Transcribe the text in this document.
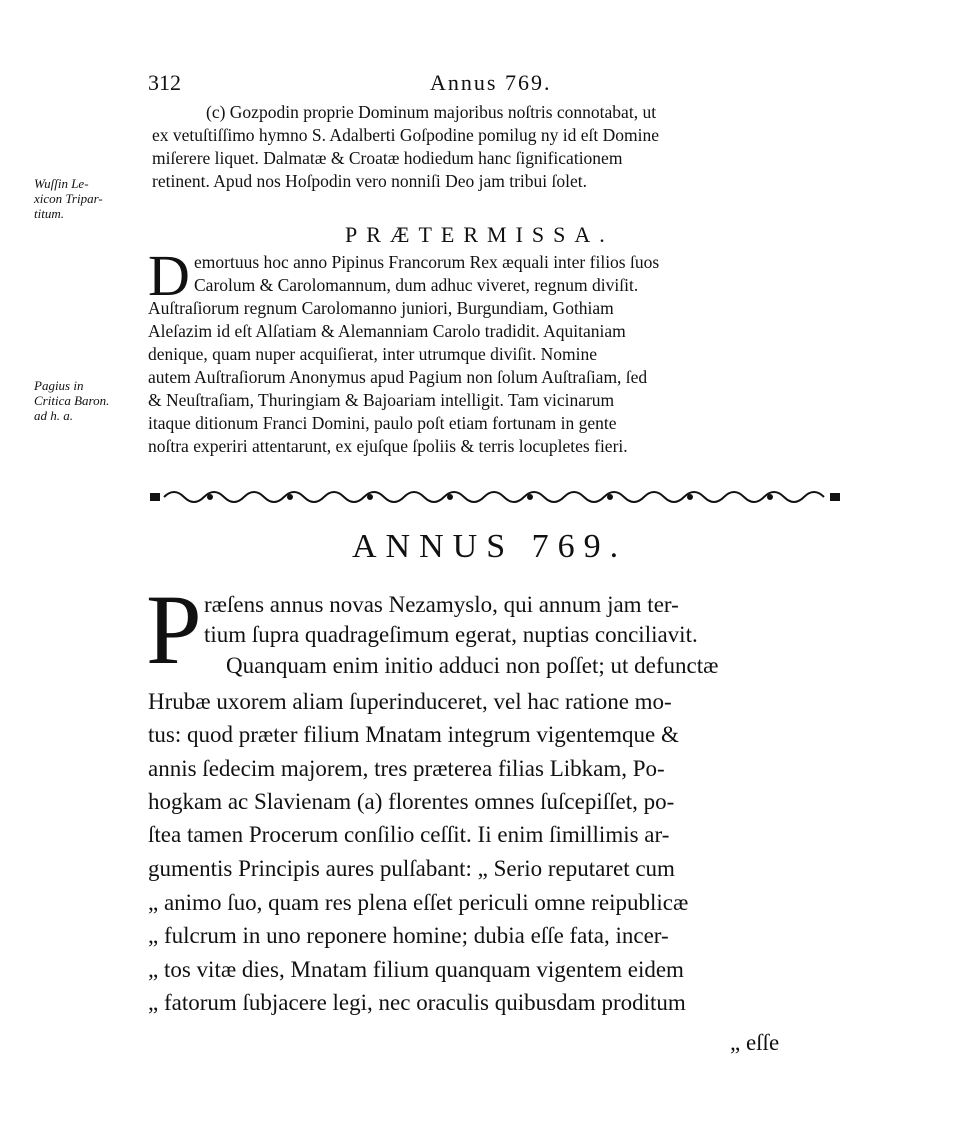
312	Annus 769.
(c) Gozpodin proprie Dominum majoribus noſtris connotabat, ut
ex vetuſtiſſimo hymno S. Adalberti Goſpodine pomilug ny id eſt Domine
miſerere liquet. Dalmatæ & Croatæ hodiedum hanc ſignificationem
retinent. Apud nos Hoſpodin vero nonniſi Deo jam tribui ſolet.
Wuſſin Le-
xicon Tripar-
titum.
PRÆTERMISSA.
D emortuus hoc anno Pipinus Francorum Rex æquali inter filios ſuos
Carolum & Carolomannum, dum adhuc viveret, regnum diviſit.
Auſtraſiorum regnum Carolomanno juniori, Burgundiam, Gothiam
Aleſazim id eſt Alſatiam & Alemanniam Carolo tradidit. Aquitaniam
denique, quam nuper acquiſierat, inter utrumque diviſit. Nomine
autem Auſtraſiorum Anonymus apud Pagium non ſolum Auſtraſiam, ſed
& Neuſtraſiam, Thuringiam & Bajoariam intelligit. Tam vicinarum
itaque ditionum Franci Domini, paulo poſt etiam fortunam in gente
noſtra experiri attentarunt, ex ejuſque ſpoliis & terris locupletes fieri.
Pagius in
Critica Baron.
ad h. a.
ANNUS 769.
P ræſens annus novas Nezamyslo, qui annum jam ter-
tium ſupra quadrageſimum egerat, nuptias conciliavit.
Quanquam enim initio adduci non poſſet; ut defunctæ
Hrubæ uxorem aliam ſuperinduceret, vel hac ratione mo-
tus: quod præter filium Mnatam integrum vigentemque &
annis ſedecim majorem, tres præterea filias Libkam, Po-
hogkam ac Slavienam (a) florentes omnes ſuſcepiſſet, po-
ſtea tamen Procerum conſilio ceſſit. Ii enim ſimillimis ar-
gumentis Principis aures pulſabant: „ Serio reputaret cum
„ animo ſuo, quam res plena eſſet periculi omne reipublicæ
„ fulcrum in uno reponere homine; dubia eſſe fata, incer-
„ tos vitæ dies, Mnatam filium quanquam vigentem eidem
„ fatorum ſubjacere legi, nec oraculis quibusdam proditum
„ eſſe
